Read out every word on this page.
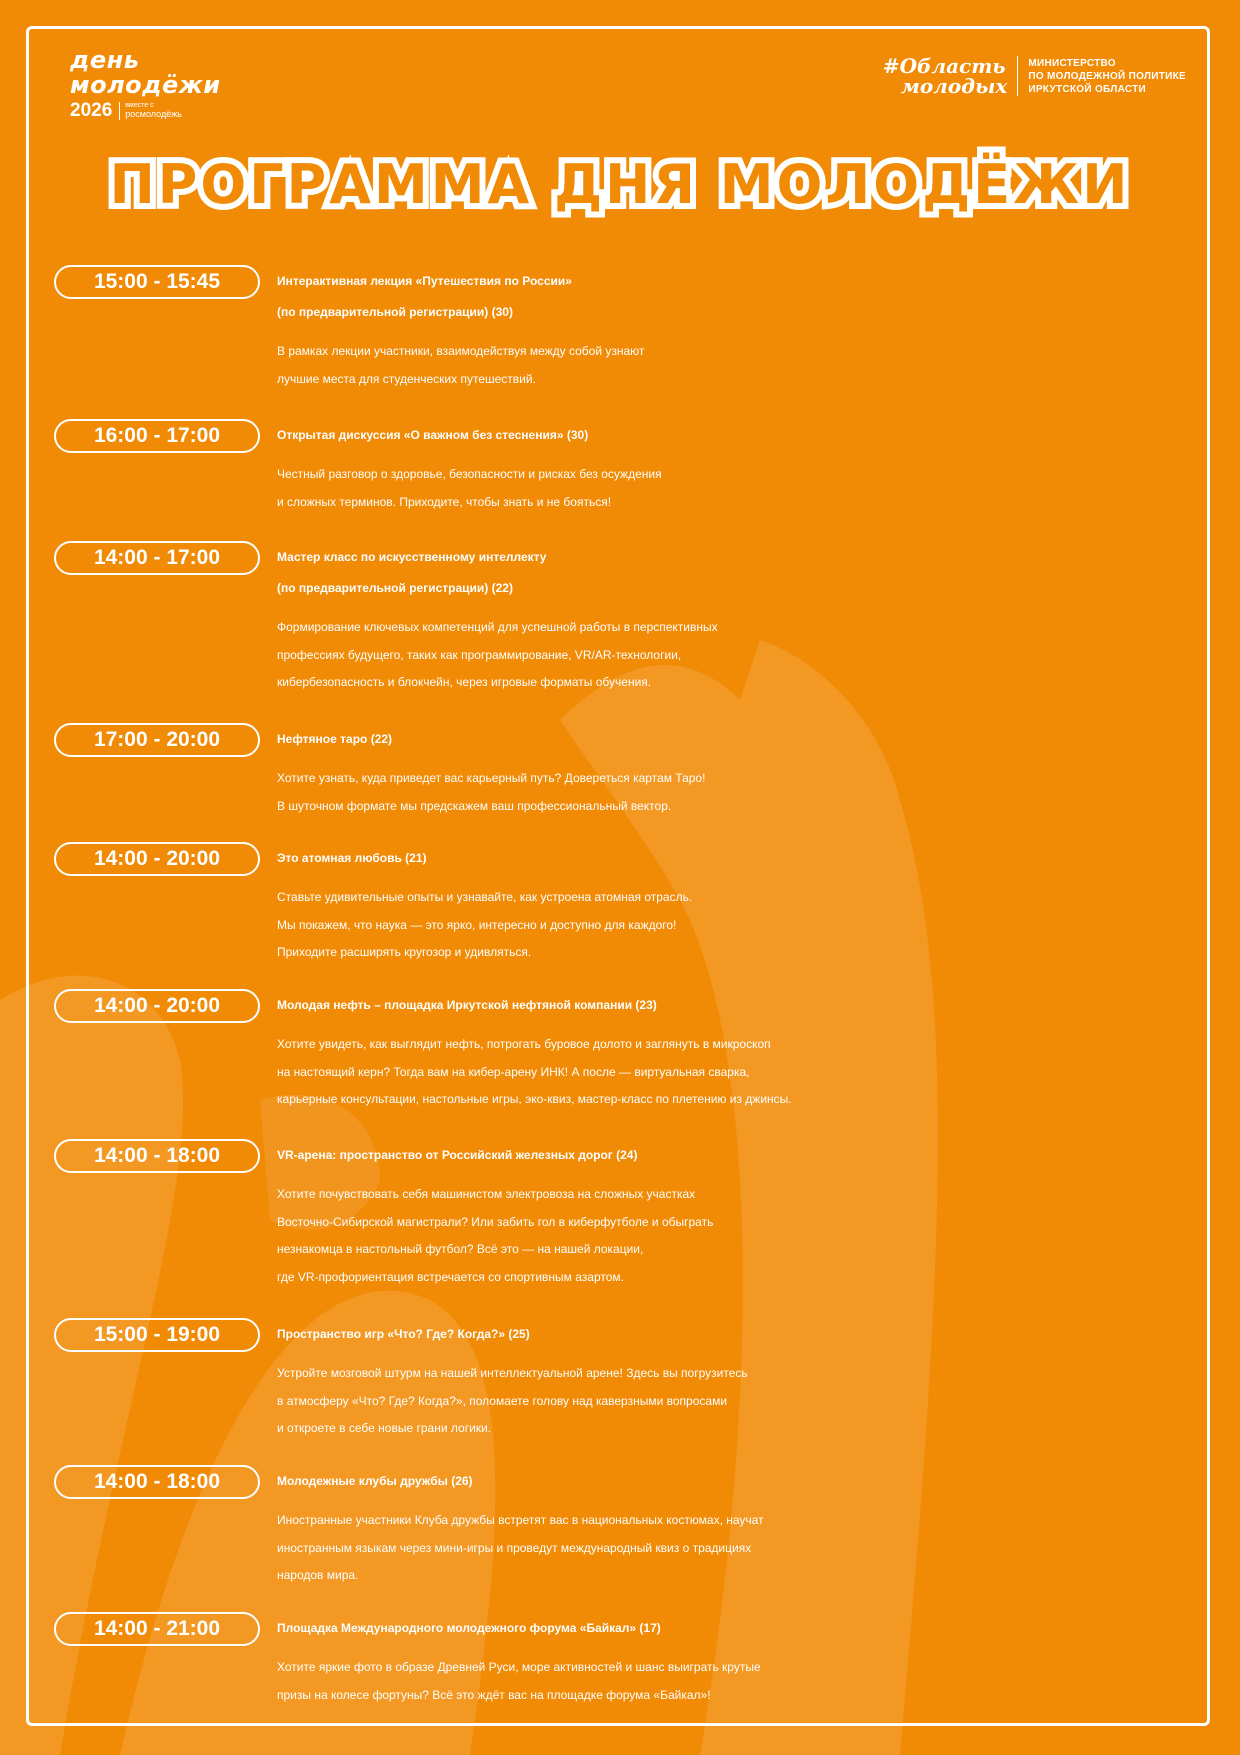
день
молодёжи
2026	вместе с
росмолодёжь
#Область
молодых
МИНИСТЕРСТВО
ПО МОЛОДЕЖНОЙ ПОЛИТИКЕ
ИРКУТСКОЙ ОБЛАСТИ
ПРОГРАММА ДНЯ МОЛОДЁЖИ
15:00 - 15:45	Интерактивная лекция «Путешествия по России»
(по предварительной регистрации) (30)
В рамках лекции участники, взаимодействуя между собой узнают
лучшие места для студенческих путешествий.
16:00 - 17:00	Открытая дискуссия «О важном без стеснения» (30)
Честный разговор о здоровье, безопасности и рисках без осуждения
и сложных терминов. Приходите, чтобы знать и не бояться!
14:00 - 17:00	Мастер класс по искусственному интеллекту
(по предварительной регистрации) (22)
Формирование ключевых компетенций для успешной работы в перспективных
профессиях будущего, таких как программирование, VR/AR-технологии,
кибербезопасность и блокчейн, через игровые форматы обучения.
17:00 - 20:00	Нефтяное таро (22)
Хотите узнать, куда приведет вас карьерный путь? Довереться картам Таро!
В шуточном формате мы предскажем ваш профессиональный вектор.
14:00 - 20:00	Это атомная любовь (21)
Ставьте удивительные опыты и узнавайте, как устроена атомная отрасль.
Мы покажем, что наука — это ярко, интересно и доступно для каждого!
Приходите расширять кругозор и удивляться.
14:00 - 20:00	Молодая нефть – площадка Иркутской нефтяной компании (23)
Хотите увидеть, как выглядит нефть, потрогать буровое долото и заглянуть в микроскоп
на настоящий керн? Тогда вам на кибер-арену ИНК! А после — виртуальная сварка,
карьерные консультации, настольные игры, эко-квиз, мастер-класс по плетению из джинсы.
14:00 - 18:00	VR-арена: пространство от Российский железных дорог (24)
Хотите почувствовать себя машинистом электровоза на сложных участках
Восточно-Сибирской магистрали? Или забить гол в киберфутболе и обыграть
незнакомца в настольный футбол? Всё это — на нашей локации,
где VR-профориентация встречается со спортивным азартом.
15:00 - 19:00	Пространство игр «Что? Где? Когда?» (25)
Устройте мозговой штурм на нашей интеллектуальной арене! Здесь вы погрузитесь
в атмосферу «Что? Где? Когда?», поломаете голову над каверзными вопросами
и откроете в себе новые грани логики.
14:00 - 18:00	Молодежные клубы дружбы (26)
Иностранные участники Клуба дружбы встретят вас в национальных костюмах, научат
иностранным языкам через мини-игры и проведут международный квиз о традициях
народов мира.
14:00 - 21:00	Площадка Международного молодежного форума «Байкал» (17)
Хотите яркие фото в образе Древней Руси, море активностей и шанс выиграть крутые
призы на колесе фортуны? Всё это ждёт вас на площадке форума «Байкал»!
